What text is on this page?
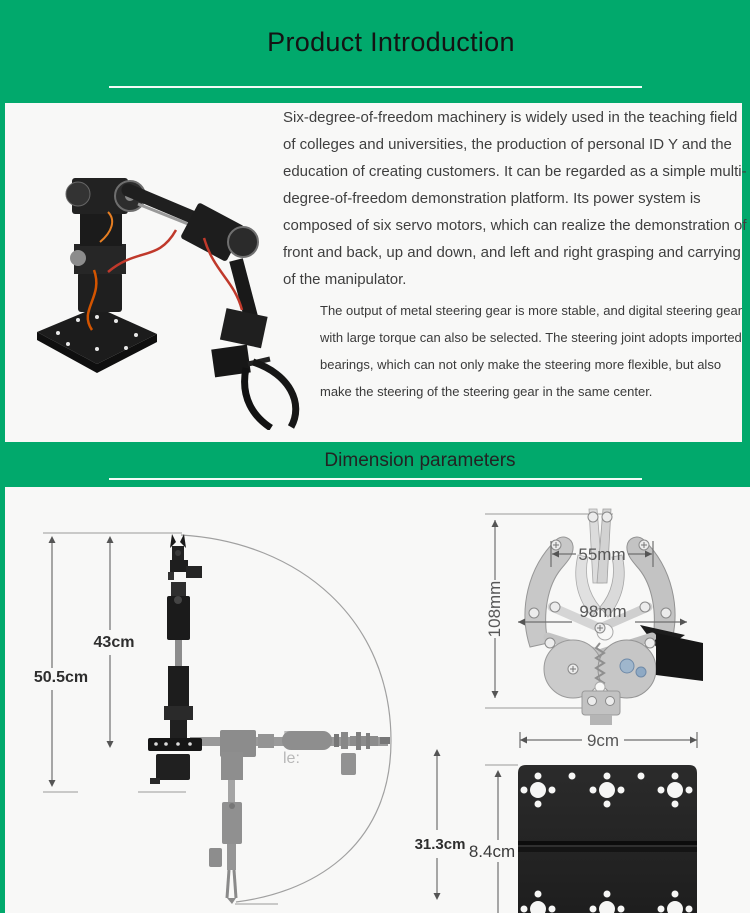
Product Introduction
Six-degree-of-freedom machinery is widely used in the teaching field of colleges and universities, the production of personal ID Y and the education of creating customers. It can be regarded as a simple multi-degree-of-freedom demonstration platform. Its power system is composed of six servo motors, which can realize the demonstration of front and back, up and down, and left and right grasping and carrying of the manipulator.
The output of metal steering gear is more stable, and digital steering gear with large torque can also be selected. The steering joint adopts imported bearings, which can not only make the steering more flexible, but also make the steering of the steering gear in the same center.
Dimension parameters
50.5cm
43cm
le:
31.3cm
108mm
55mm
98mm
9cm
8.4cm
